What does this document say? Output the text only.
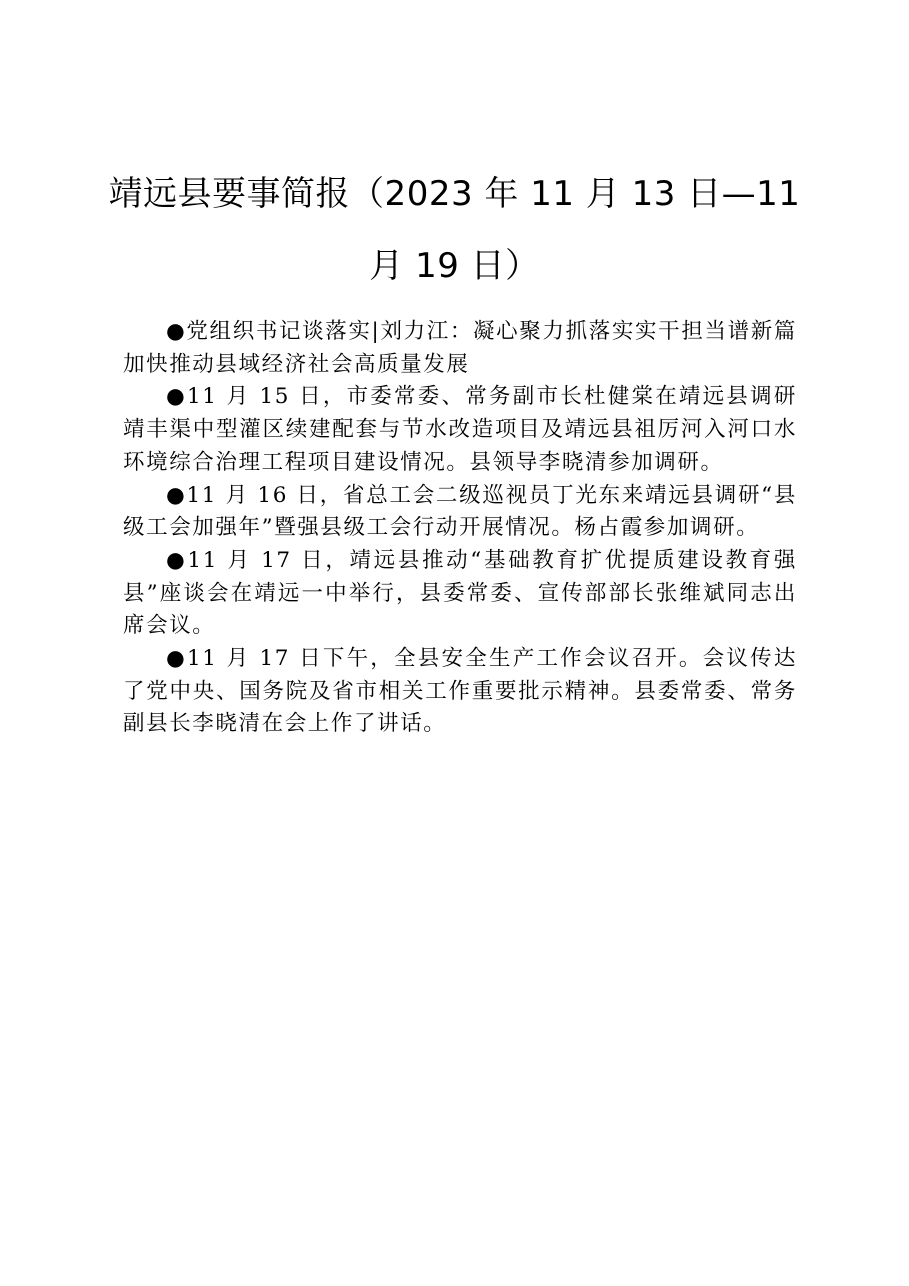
靖远县要事简报（2023 年 11 月 13 日—11
月 19 日）

●党组织书记谈落实|刘力江：凝心聚力抓落实实干担当谱新篇加快推动县域经济社会高质量发展

●11 月 15 日，市委常委、常务副市长杜健棠在靖远县调研靖丰渠中型灌区续建配套与节水改造项目及靖远县祖厉河入河口水环境综合治理工程项目建设情况。县领导李晓清参加调研。

●11 月 16 日，省总工会二级巡视员丁光东来靖远县调研“县级工会加强年”暨强县级工会行动开展情况。杨占霞参加调研。

●11 月 17 日，靖远县推动“基础教育扩优提质建设教育强县”座谈会在靖远一中举行，县委常委、宣传部部长张维斌同志出席会议。

●11 月 17 日下午，全县安全生产工作会议召开。会议传达了党中央、国务院及省市相关工作重要批示精神。县委常委、常务副县长李晓清在会上作了讲话。
